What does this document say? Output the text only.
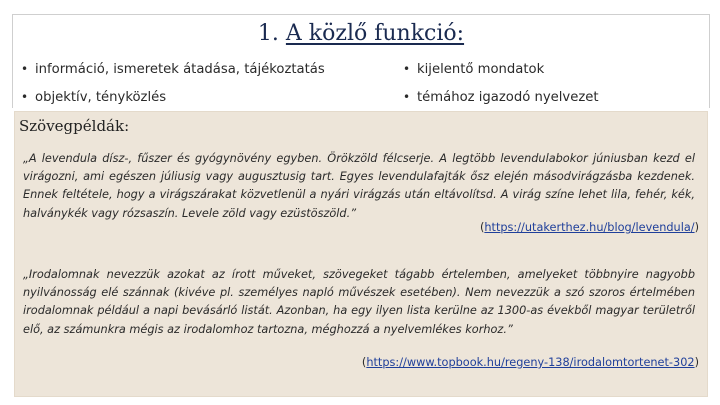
1. A közlő funkció:
• információ, ismeretek átadása, tájékoztatás
• objektív, tényközlés
• kijelentő mondatok
• témához igazodó nyelvezet
Szövegpéldák:

„A levendula dísz-, fűszer és gyógynövény egyben. Örökzöld félcserje. A legtöbb levendulabokor júniusban kezd el virágozni, ami egészen júliusig vagy augusztusig tart. Egyes levendulafajták ősz elején másodvirágzásba kezdenek. Ennek feltétele, hogy a virágszárakat közvetlenül a nyári virágzás után eltávolítsd. A virág színe lehet lila, fehér, kék, halványkék vagy rózsaszín. Levele zöld vagy ezüstöszöld.”

(https://utakerthez.hu/blog/levendula/)

„Irodalomnak nevezzük azokat az írott műveket, szövegeket tágabb értelemben, amelyeket többnyire nagyobb nyilvánosság elé szánnak (kivéve pl. személyes napló művészek esetében). Nem nevezzük a szó szoros értelmében irodalomnak például a napi bevásárló listát. Azonban, ha egy ilyen lista kerülne az 1300-as évekből magyar területről elő, az számunkra mégis az irodalomhoz tartozna, méghozzá a nyelvemlékes korhoz.”

(https://www.topbook.hu/regeny-138/irodalomtortenet-302)
